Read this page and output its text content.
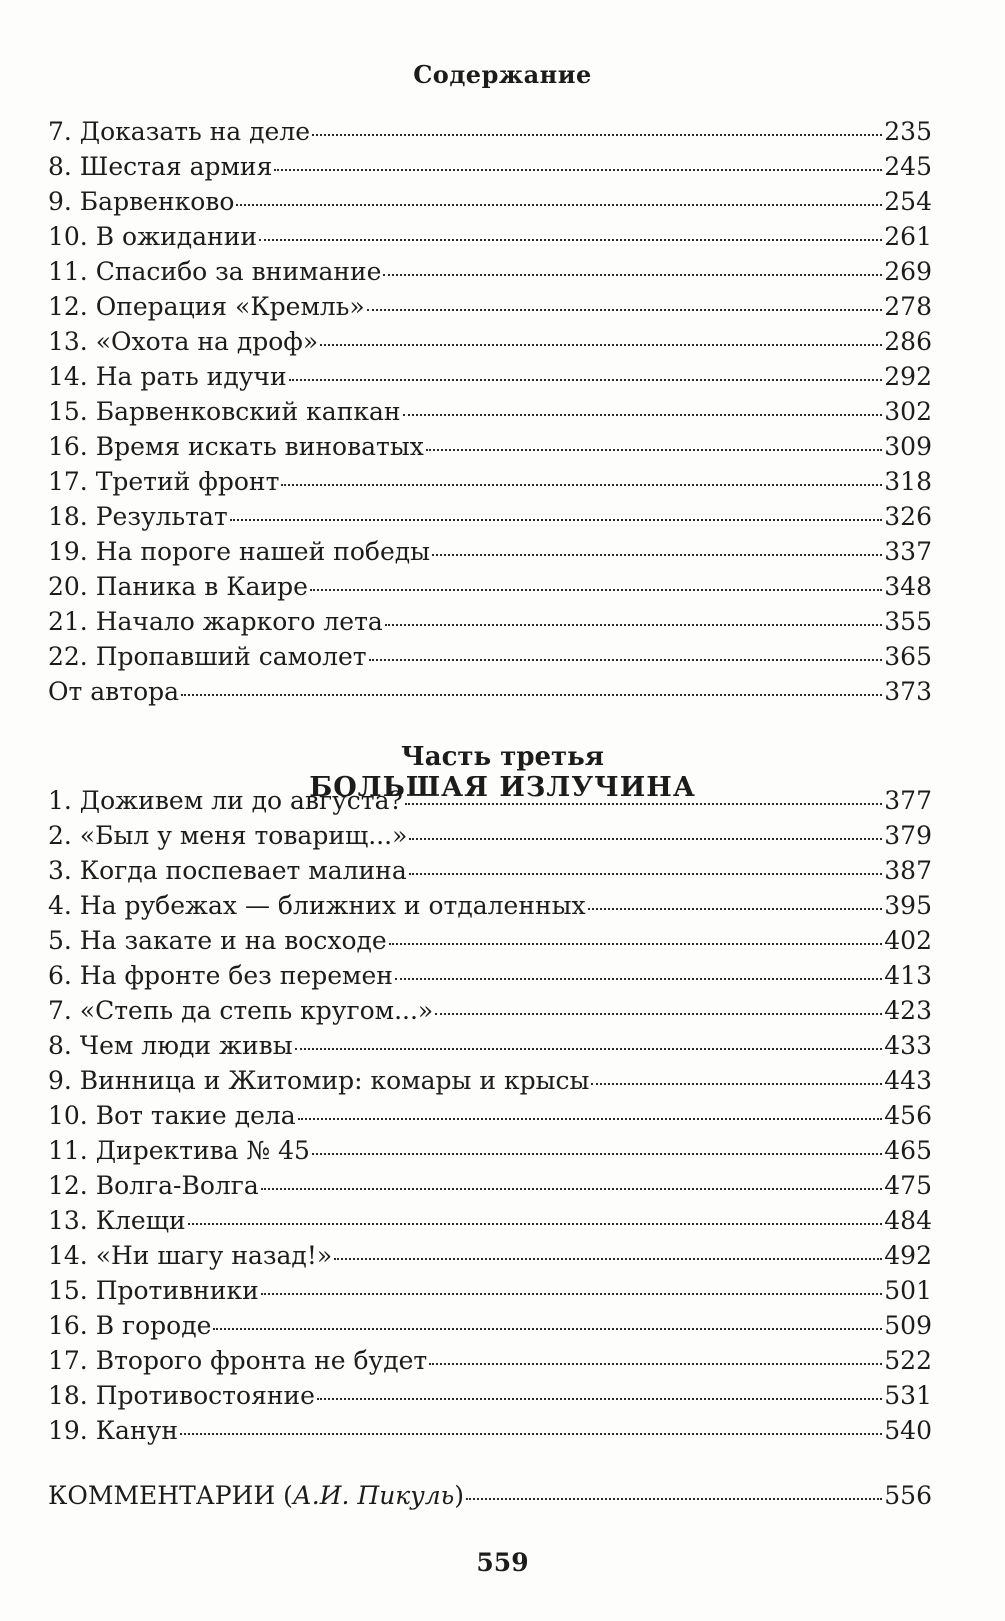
Содержание
7. Доказать на деле	235
8. Шестая армия	245
9. Барвенково	254
10. В ожидании	261
11. Спасибо за внимание	269
12. Операция «Кремль»	278
13. «Охота на дроф»	286
14. На рать идучи	292
15. Барвенковский капкан	302
16. Время искать виноватых	309
17. Третий фронт	318
18. Результат	326
19. На пороге нашей победы	337
20. Паника в Каире	348
21. Начало жаркого лета	355
22. Пропавший самолет	365
От автора	373
Часть третья
БОЛЬШАЯ ИЗЛУЧИНА
1. Доживем ли до августа?	377
2. «Был у меня товарищ...»	379
3. Когда поспевает малина	387
4. На рубежах — ближних и отдаленных	395
5. На закате и на восходе	402
6. На фронте без перемен	413
7. «Степь да степь кругом...»	423
8. Чем люди живы	433
9. Винница и Житомир: комары и крысы	443
10. Вот такие дела	456
11. Директива № 45	465
12. Волга-Волга	475
13. Клещи	484
14. «Ни шагу назад!»	492
15. Противники	501
16. В городе	509
17. Второго фронта не будет	522
18. Противостояние	531
19. Канун	540
КОММЕНТАРИИ (А.И. Пикуль)	556
559
